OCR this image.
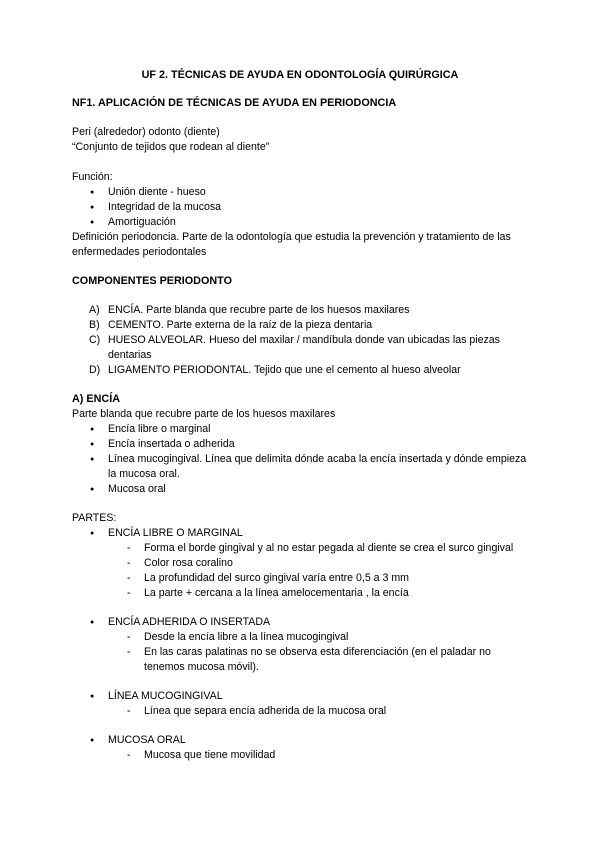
UF 2. TÉCNICAS DE AYUDA EN ODONTOLOGÍA QUIRÚRGICA

NF1. APLICACIÓN DE TÉCNICAS DE AYUDA EN PERIODONCIA

Peri (alrededor) odonto (diente)

“Conjunto de tejidos que rodean al diente”

Función:

● Unión diente - hueso
● Integridad de la mucosa
● Amortiguación

Definición periodoncia. Parte de la odontología que estudia la prevención y tratamiento de las enfermedades periodontales

COMPONENTES PERIODONTO

A) ENCÍA. Parte blanda que recubre parte de los huesos maxilares
B) CEMENTO. Parte externa de la raíz de la pieza dentaria
C) HUESO ALVEOLAR. Hueso del maxilar / mandíbula donde van ubicadas las piezas dentarias
D) LIGAMENTO PERIODONTAL. Tejido que une el cemento al hueso alveolar

A) ENCÍA

Parte blanda que recubre parte de los huesos maxilares

● Encía libre o marginal
● Encía insertada o adherida
● Línea mucogingival. Línea que delimita dónde acaba la encía insertada y dónde empieza la mucosa oral.
● Mucosa oral

PARTES:

● ENCÍA LIBRE O MARGINAL
- Forma el borde gingival y al no estar pegada al diente se crea el surco gingival
- Color rosa coralino
- La profundidad del surco gingival varía entre 0,5 a 3 mm
- La parte + cercana a la línea amelocementaria , la encía
● ENCÍA ADHERIDA O INSERTADA
- Desde la encía libre a la línea mucogingival
- En las caras palatinas no se observa esta diferenciación (en el paladar no tenemos mucosa móvil).
● LÍNEA MUCOGINGIVAL
- Línea que separa encía adherida de la mucosa oral
● MUCOSA ORAL
- Mucosa que tiene movilidad
